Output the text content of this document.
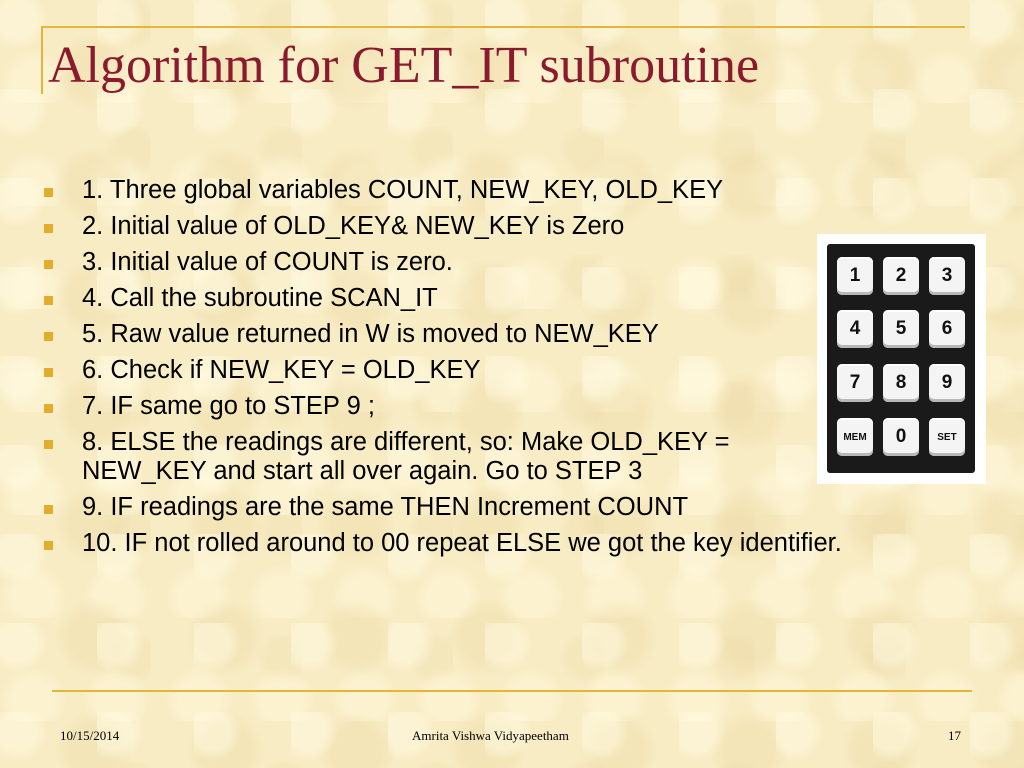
Algorithm for GET_IT subroutine
1. Three global variables COUNT, NEW_KEY, OLD_KEY
2. Initial value of OLD_KEY& NEW_KEY is Zero
3. Initial value of COUNT is zero.
4. Call the subroutine SCAN_IT
5. Raw value returned in W is moved to NEW_KEY
6. Check if NEW_KEY = OLD_KEY
7. IF same go to STEP 9 ;
8. ELSE the readings are different, so: Make OLD_KEY = NEW_KEY and start all over again. Go to STEP 3
9. IF readings are the same THEN Increment COUNT
10. IF not rolled around to 00 repeat ELSE we got the key identifier.
1	2	3
4	5	6
7	8	9
MEM	0	SET

10/15/2014	Amrita Vishwa Vidyapeetham	17
